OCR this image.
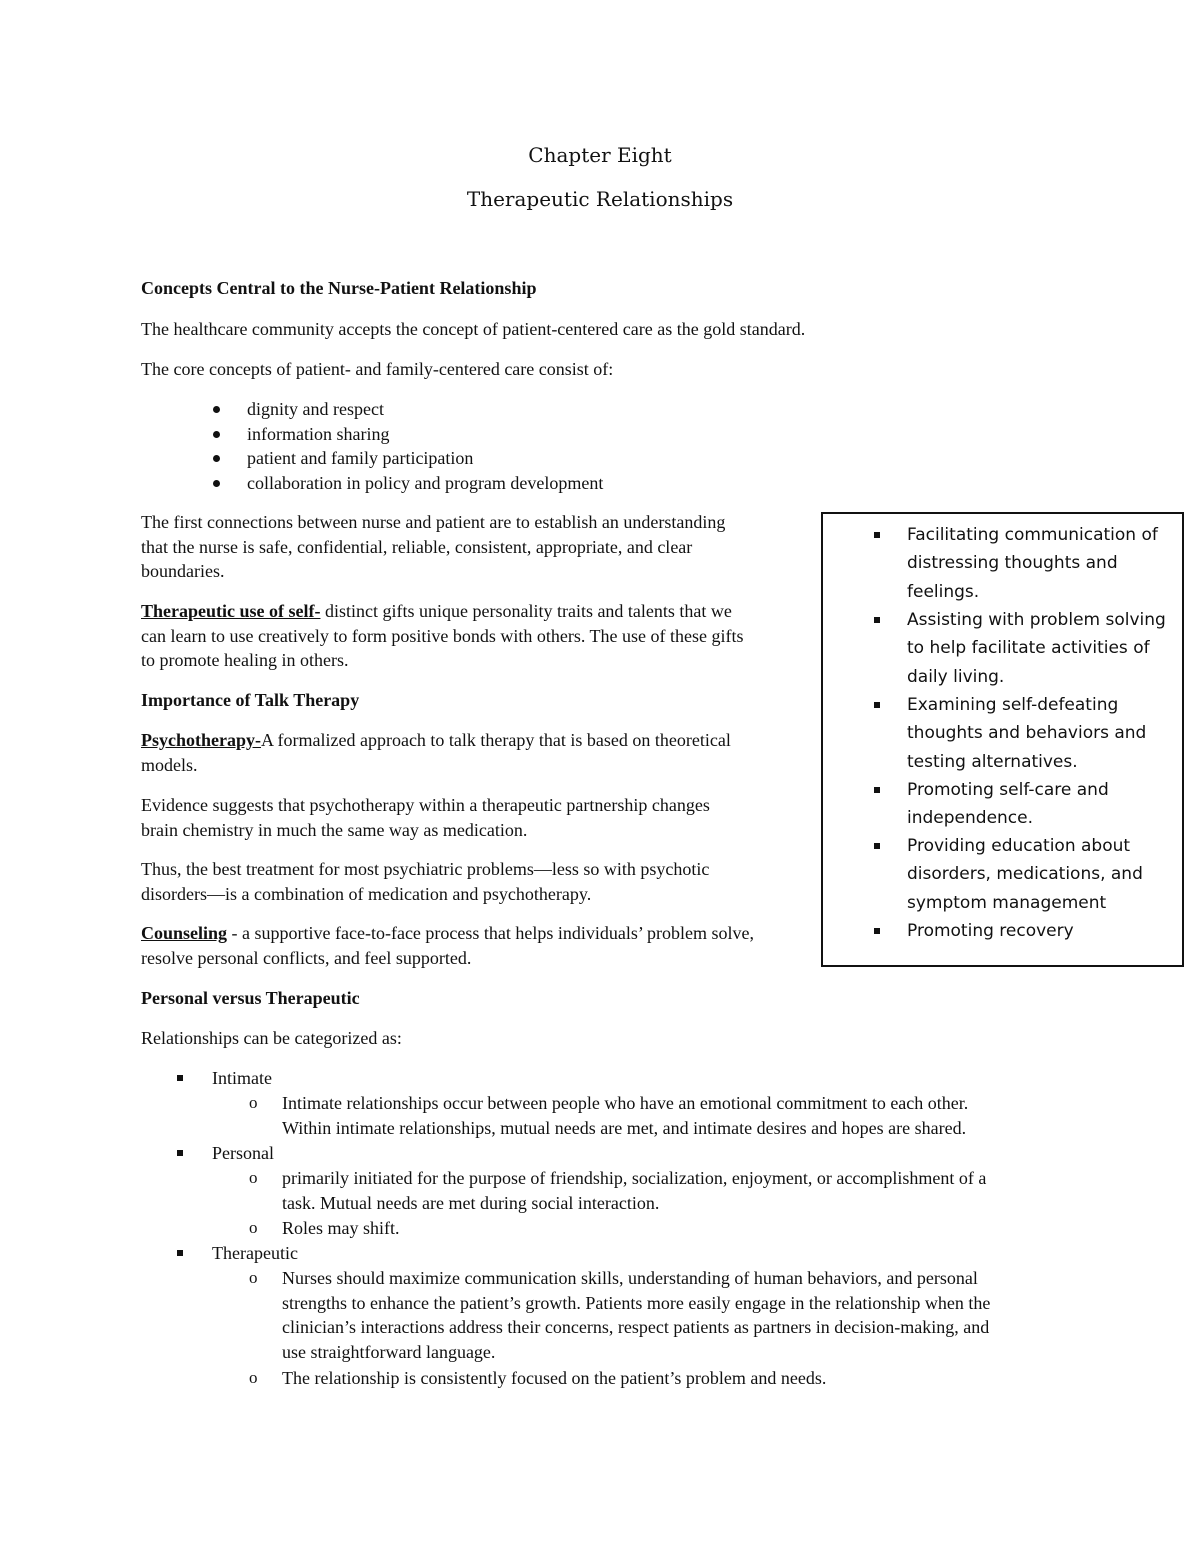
Chapter Eight
Therapeutic Relationships
Concepts Central to the Nurse-Patient Relationship
The healthcare community accepts the concept of patient-centered care as the gold standard.
The core concepts of patient- and family-centered care consist of:
dignity and respect
information sharing
patient and family participation
collaboration in policy and program development
The first connections between nurse and patient are to establish an understanding
that the nurse is safe, confidential, reliable, consistent, appropriate, and clear
boundaries.
Therapeutic use of self- distinct gifts unique personality traits and talents that we
can learn to use creatively to form positive bonds with others. The use of these gifts
to promote healing in others.
Importance of Talk Therapy
Psychotherapy-A formalized approach to talk therapy that is based on theoretical
models.
Evidence suggests that psychotherapy within a therapeutic partnership changes
brain chemistry in much the same way as medication.
Thus, the best treatment for most psychiatric problems—less so with psychotic
disorders—is a combination of medication and psychotherapy.
Counseling - a supportive face-to-face process that helps individuals’ problem solve,
resolve personal conflicts, and feel supported.
Facilitating communication of
distressing thoughts and
feelings.
Assisting with problem solving
to help facilitate activities of
daily living.
Examining self-defeating
thoughts and behaviors and
testing alternatives.
Promoting self-care and
independence.
Providing education about
disorders, medications, and
symptom management
Promoting recovery
Personal versus Therapeutic
Relationships can be categorized as:
Intimate
o Intimate relationships occur between people who have an emotional commitment to each other.
Within intimate relationships, mutual needs are met, and intimate desires and hopes are shared.
Personal
o primarily initiated for the purpose of friendship, socialization, enjoyment, or accomplishment of a
task. Mutual needs are met during social interaction.
o Roles may shift.
Therapeutic
o Nurses should maximize communication skills, understanding of human behaviors, and personal
strengths to enhance the patient’s growth. Patients more easily engage in the relationship when the
clinician’s interactions address their concerns, respect patients as partners in decision-making, and
use straightforward language.
o The relationship is consistently focused on the patient’s problem and needs.
